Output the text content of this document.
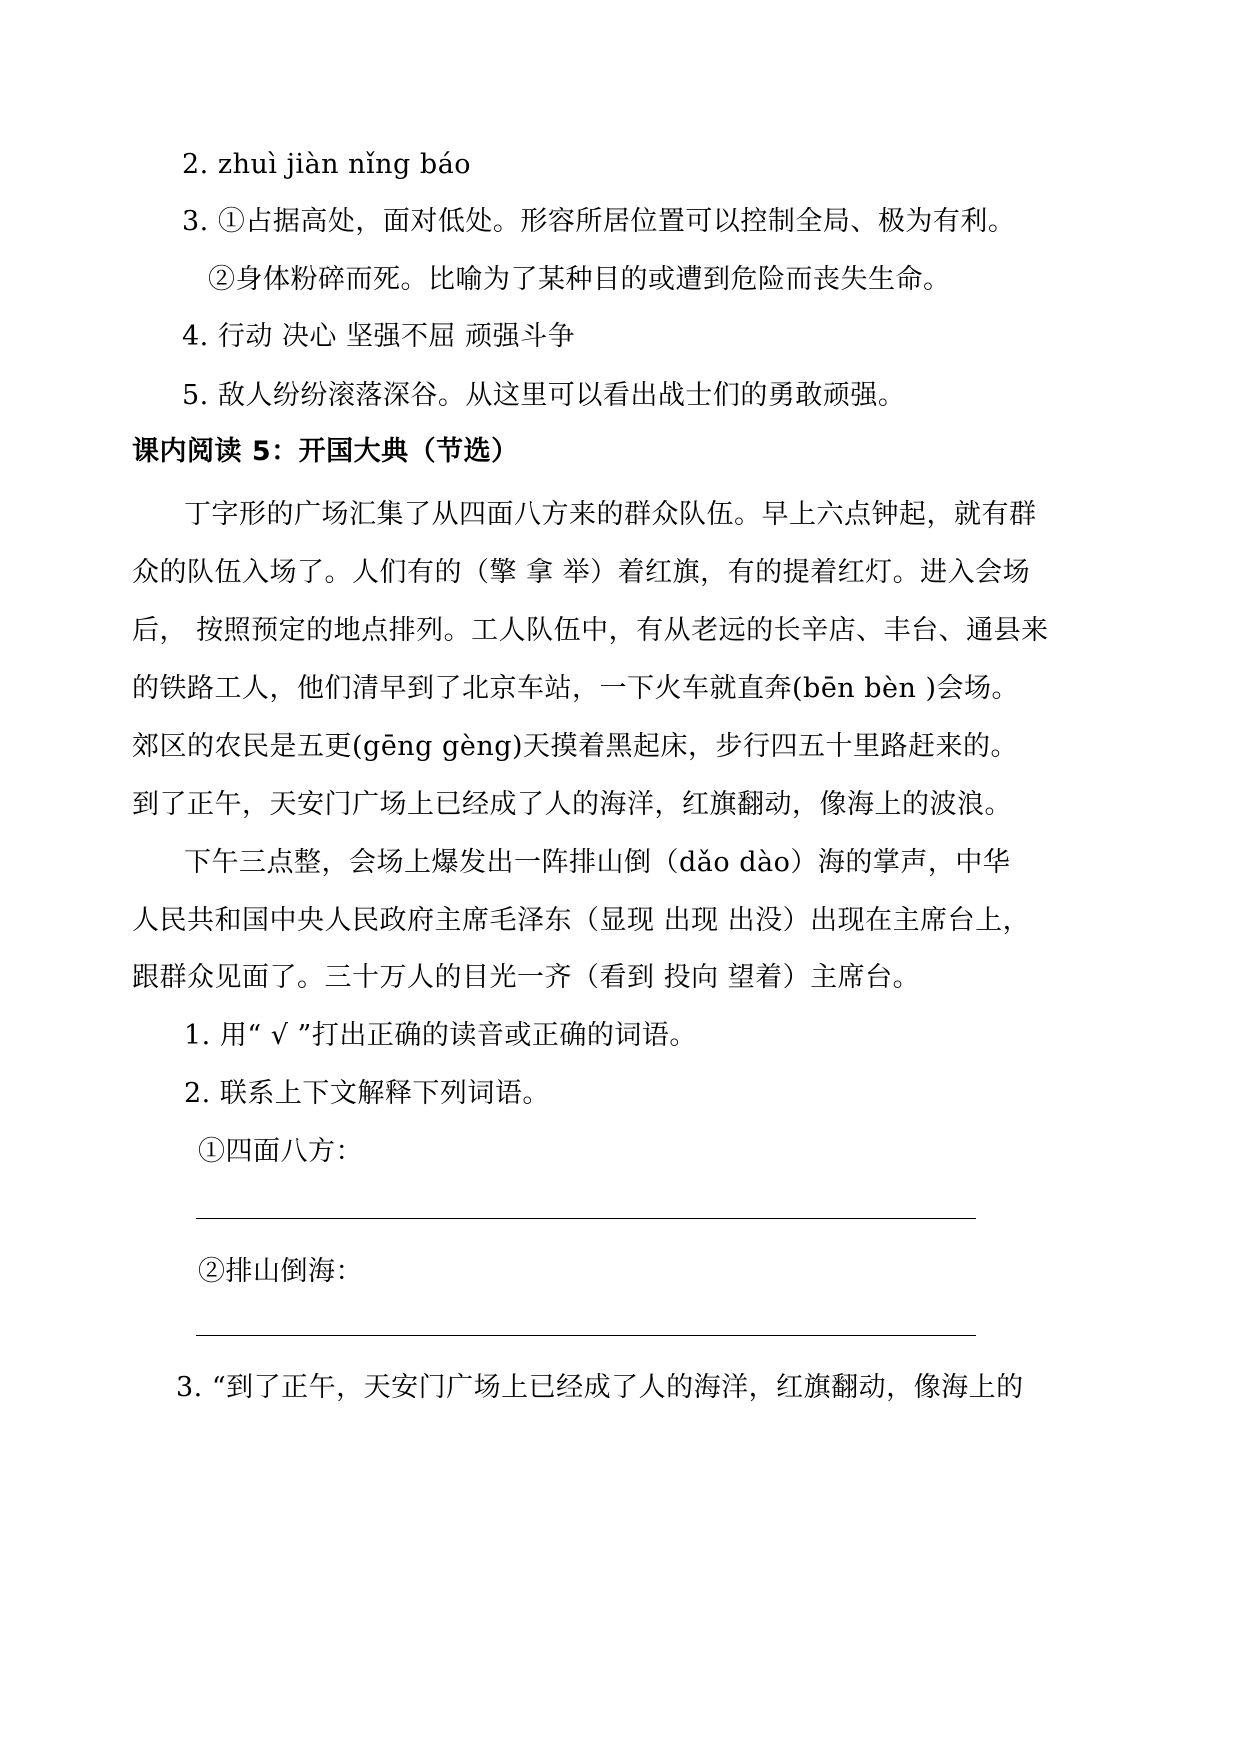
2. zhuì jiàn nǐng báo
3. ①占据高处，面对低处。形容所居位置可以控制全局、极为有利。
②身体粉碎而死。比喻为了某种目的或遭到危险而丧失生命。
4. 行动 决心 坚强不屈 顽强斗争
5. 敌人纷纷滚落深谷。从这里可以看出战士们的勇敢顽强。
课内阅读 5：开国大典（节选）
丁字形的广场汇集了从四面八方来的群众队伍。早上六点钟起，就有群
众的队伍入场了。人们有的（擎 拿 举）着红旗，有的提着红灯。进入会场
后， 按照预定的地点排列。工人队伍中，有从老远的长辛店、丰台、通县来
的铁路工人，他们清早到了北京车站，一下火车就直奔(bēn bèn )会场。
郊区的农民是五更(gēng gèng)天摸着黑起床，步行四五十里路赶来的。
到了正午，天安门广场上已经成了人的海洋，红旗翻动，像海上的波浪。
下午三点整，会场上爆发出一阵排山倒（dǎo dào）海的掌声，中华
人民共和国中央人民政府主席毛泽东（显现 出现 出没）出现在主席台上，
跟群众见面了。三十万人的目光一齐（看到 投向 望着）主席台。
1. 用“ √ ”打出正确的读音或正确的词语。
2. 联系上下文解释下列词语。
①四面八方：
②排山倒海：
3. “到了正午，天安门广场上已经成了人的海洋，红旗翻动，像海上的
